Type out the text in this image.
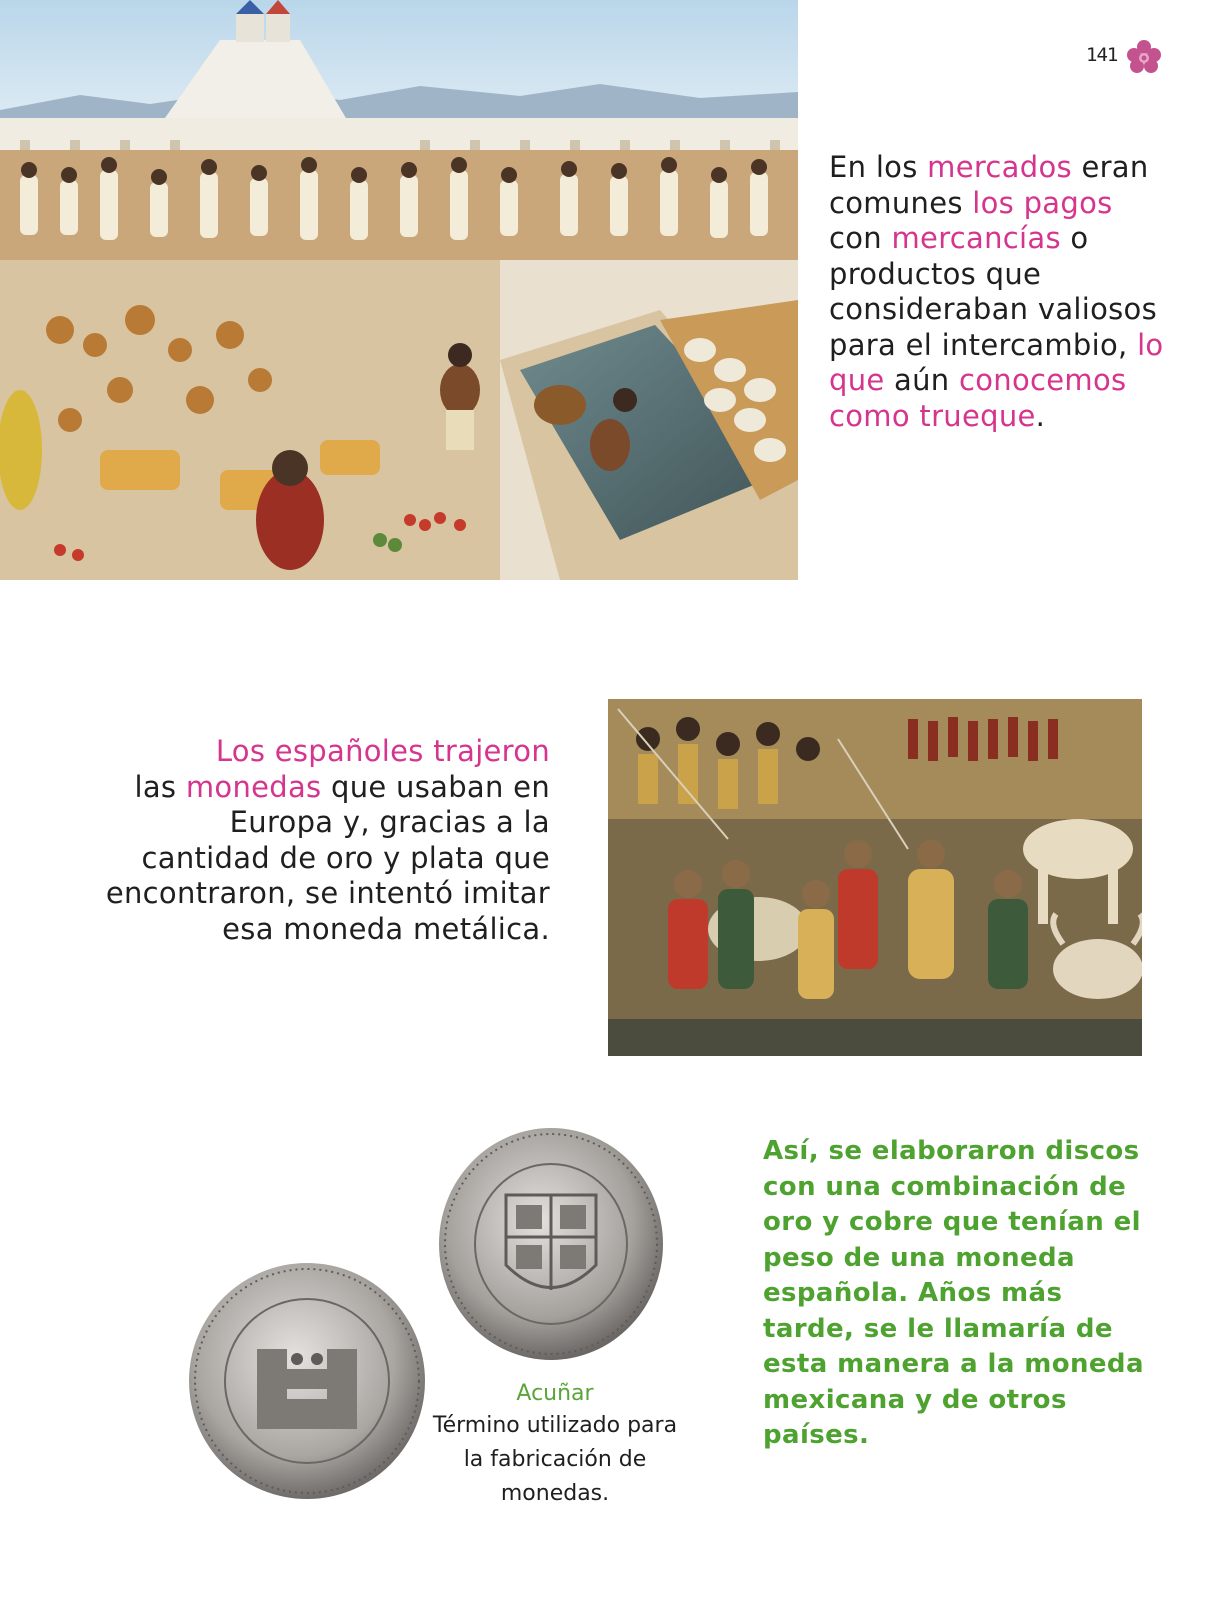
141

En los mercados eran comunes los pagos con mercancías o productos que consideraban valiosos para el intercambio, lo que aún conocemos como trueque.

Los españoles trajeron
las monedas que usaban en Europa y, gracias a la cantidad de oro y plata que encontraron, se intentó imitar esa moneda metálica.

Acuñar
Término utilizado para la fabricación de monedas.

Así, se elaboraron discos con una combinación de oro y cobre que tenían el peso de una moneda española. Años más tarde, se le llamaría de esta manera a la moneda mexicana y de otros países.
